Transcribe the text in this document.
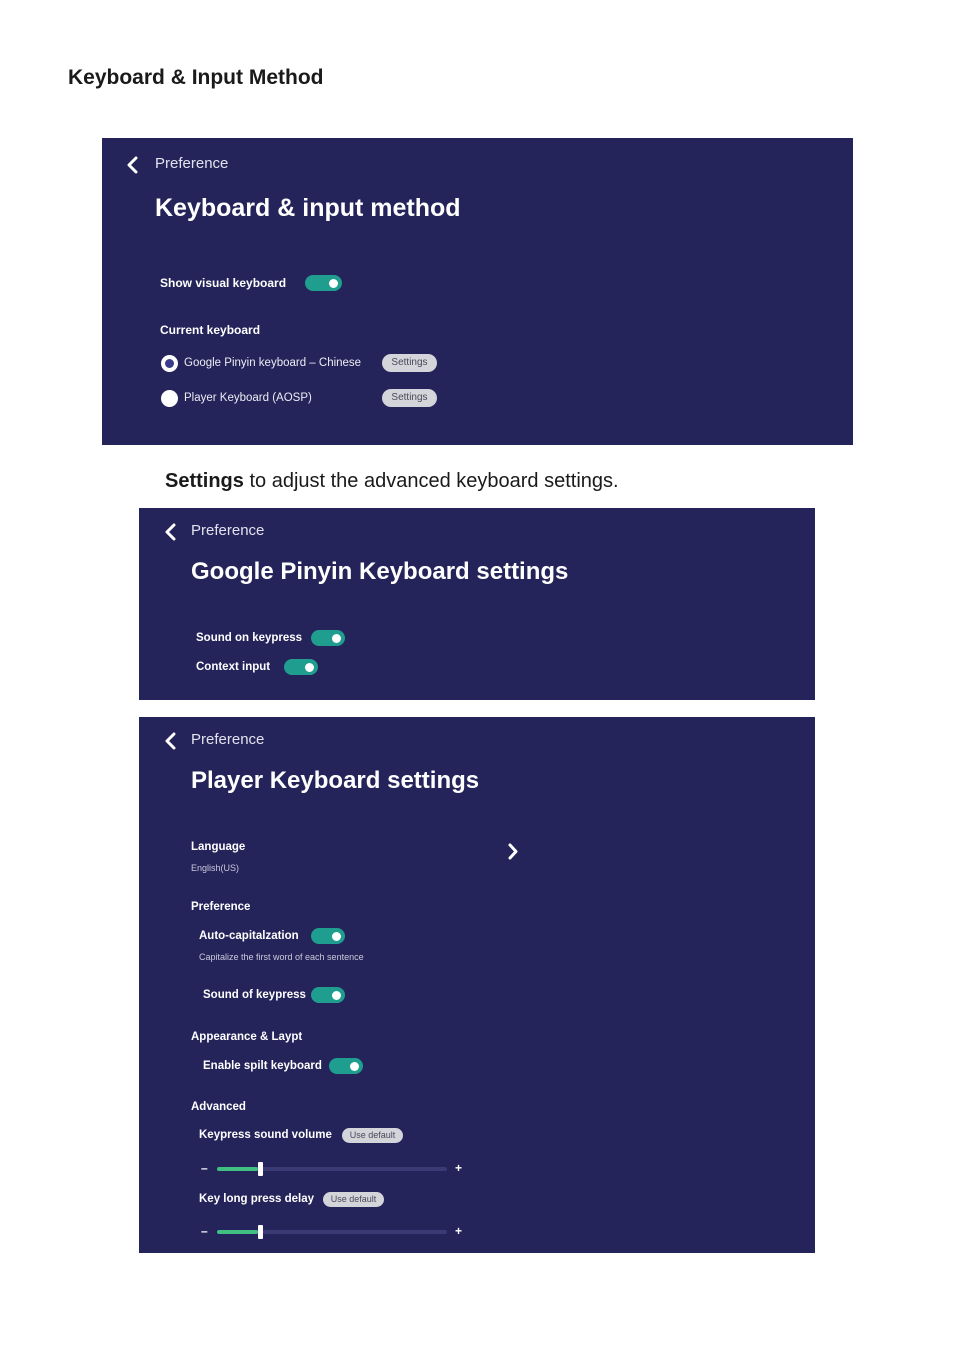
Keyboard & Input Method
Preference
Keyboard & input method
Show visual keyboard
Current keyboard
Google Pinyin keyboard – Chinese	Settings
Player Keyboard (AOSP)	Settings

Settings to adjust the advanced keyboard settings.

Preference
Google Pinyin Keyboard settings
Sound on keypress
Context input
Preference
Player Keyboard settings
Language
English(US)
Preference
Auto-capitalzation
Capitalize the first word of each sentence
Sound of keypress
Appearance & Laypt
Enable spilt keyboard
Advanced
Keypress sound volume	Use default
–	+
Key long press delay	Use default
–	+
